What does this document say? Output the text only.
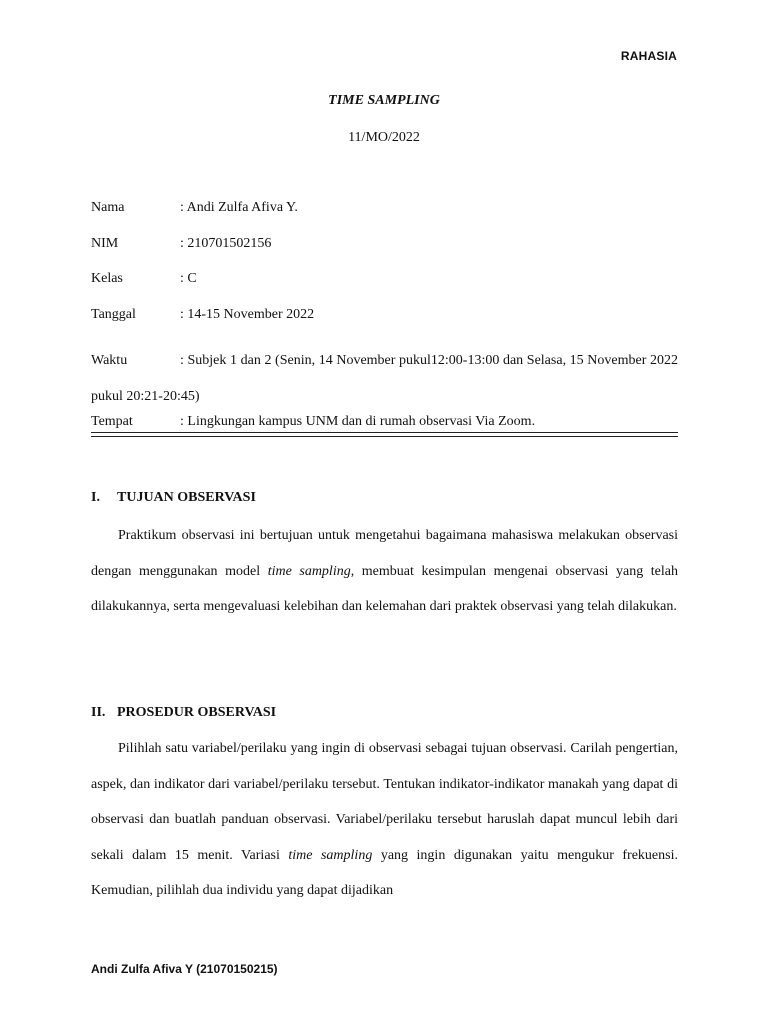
RAHASIA
TIME SAMPLING
11/MO/2022
Nama	: Andi Zulfa Afiva Y.
NIM	: 210701502156
Kelas	: C
Tanggal	: 14-15 November 2022
Waktu	: Subjek 1 dan 2 (Senin, 14 November pukul12:00-13:00 dan Selasa, 15 November 2022 pukul 20:21-20:45)
Tempat	: Lingkungan kampus UNM dan di rumah observasi Via Zoom.
I. TUJUAN OBSERVASI
Praktikum observasi ini bertujuan untuk mengetahui bagaimana mahasiswa melakukan observasi dengan menggunakan model time sampling, membuat kesimpulan mengenai observasi yang telah dilakukannya, serta mengevaluasi kelebihan dan kelemahan dari praktek observasi yang telah dilakukan.
II. PROSEDUR OBSERVASI
Pilihlah satu variabel/perilaku yang ingin di observasi sebagai tujuan observasi. Carilah pengertian, aspek, dan indikator dari variabel/perilaku tersebut. Tentukan indikator-indikator manakah yang dapat di observasi dan buatlah panduan observasi. Variabel/perilaku tersebut haruslah dapat muncul lebih dari sekali dalam 15 menit. Variasi time sampling yang ingin digunakan yaitu mengukur frekuensi. Kemudian, pilihlah dua individu yang dapat dijadikan
Andi Zulfa Afiva Y (21070150215)
